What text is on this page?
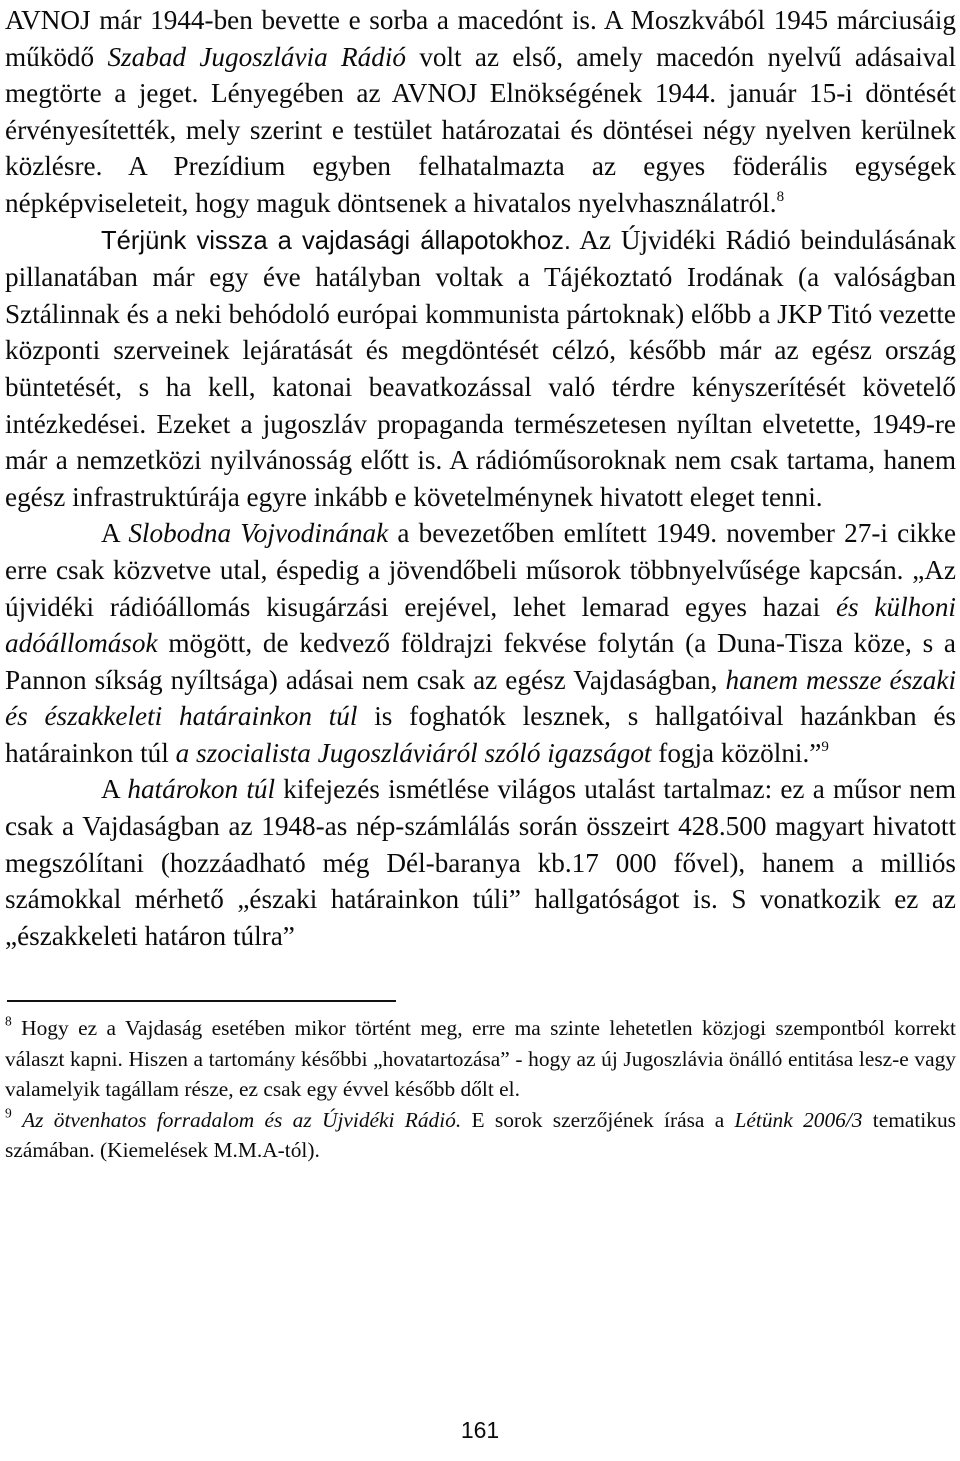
AVNOJ már 1944-ben bevette e sorba a macedónt is. A Moszkvából 1945 márciusáig működő Szabad Jugoszlávia Rádió volt az első, amely macedón nyelvű adásaival megtörte a jeget. Lényegében az AVNOJ Elnökségének 1944. január 15-i döntését érvényesítették, mely szerint e testület határozatai és döntései négy nyelven kerülnek közlésre. A Prezídium egyben felhatalmazta az egyes föderális egységek népképviseleteit, hogy maguk döntsenek a hivatalos nyelvhasználatról.$^8$
Térjünk vissza a vajdasági állapotokhoz. Az Újvidéki Rádió beindulásának pillanatában már egy éve hatályban voltak a Tájékoztató Irodának (a valóságban Sztálinnak és a neki behódoló európai kommunista pártoknak) előbb a JKP Titó vezette központi szerveinek lejáratását és megdöntését célzó, később már az egész ország büntetését, s ha kell, katonai beavatkozással való térdre kényszerítését követelő intézkedései. Ezeket a jugoszláv propaganda természetesen nyíltan elvetette, 1949-re már a nemzetközi nyilvánosság előtt is. A rádióműsoroknak nem csak tartama, hanem egész infrastruktúrája egyre inkább e követelménynek hivatott eleget tenni.
A Slobodna Vojvodinának a bevezetőben említett 1949. november 27-i cikke erre csak közvetve utal, éspedig a jövendőbeli műsorok többnyelvűsége kapcsán. „Az újvidéki rádióállomás kisugárzási erejével, lehet lemarad egyes hazai és külhoni adóállomások mögött, de kedvező földrajzi fekvése folytán (a Duna-Tisza köze, s a Pannon síkság nyíltsága) adásai nem csak az egész Vajdaságban, hanem messze északi és északkeleti határainkon túl is foghatók lesznek, s hallgatóival hazánkban és határainkon túl a szocialista Jugoszláviáról szóló igazságot fogja közölni.”$^9$
A határokon túl kifejezés ismétlése világos utalást tartalmaz: ez a műsor nem csak a Vajdaságban az 1948-as nép-számlálás során összeirt 428.500 magyart hivatott megszólítani (hozzáadható még Dél-baranya kb.17 000 fővel), hanem a milliós számokkal mérhető „északi határainkon túli” hallgatóságot is. S vonatkozik ez az „északkeleti határon túlra”
$^8$ Hogy ez a Vajdaság esetében mikor történt meg, erre ma szinte lehetetlen közjogi szempontból korrekt választ kapni. Hiszen a tartomány későbbi „hovatartozása” - hogy az új Jugoszlávia önálló entitása lesz-e vagy valamelyik tagállam része, ez csak egy évvel később dőlt el.
$^9$ Az ötvenhatos forradalom és az Újvidéki Rádió. E sorok szerzőjének írása a Létünk 2006/3 tematikus számában. (Kiemelések M.M.A-tól).
161
